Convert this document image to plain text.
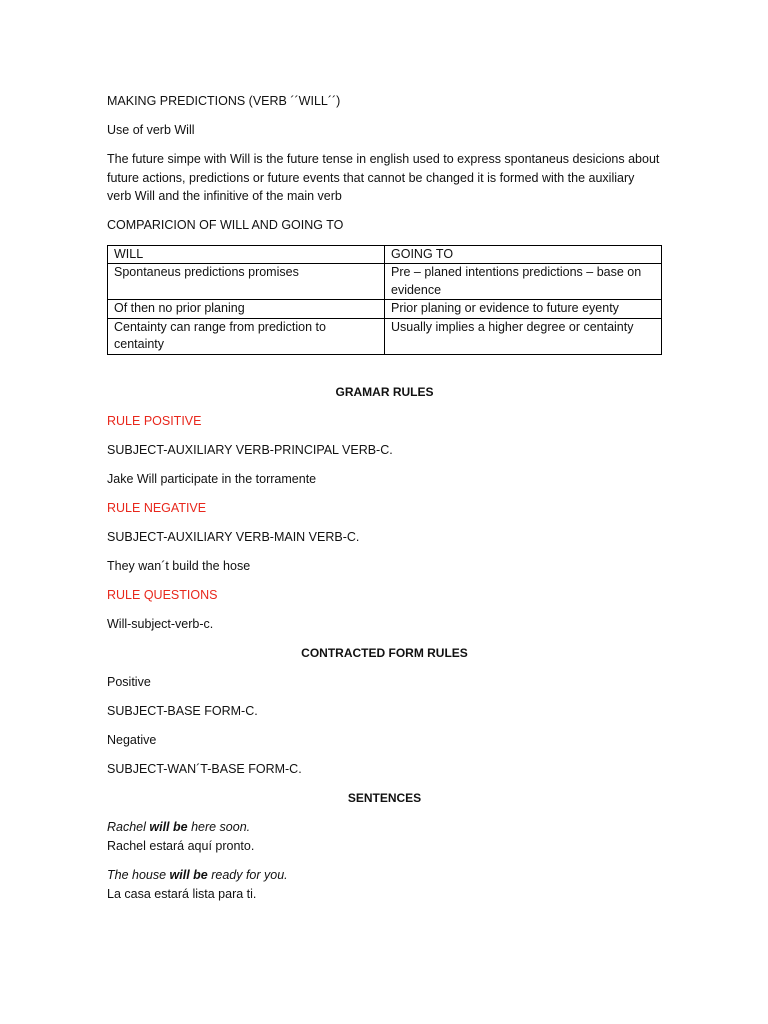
MAKING PREDICTIONS (VERB ´´WILL´´)

Use of verb Will

The future simpe with Will is the future tense in english used to express spontaneus desicions about future actions, predictions or future events that cannot be changed it is formed with the auxiliary verb Will and the infinitive of the main verb

COMPARICION OF WILL AND GOING TO

WILL	GOING TO
Spontaneus predictions promises	Pre – planed intentions predictions – base on evidence
Of then no prior planing	Prior planing or evidence to future eyenty
Centainty can range from prediction to centainty	Usually implies a higher degree or centainty

GRAMAR RULES

RULE POSITIVE

SUBJECT-AUXILIARY VERB-PRINCIPAL VERB-C.

Jake Will participate in the torramente

RULE NEGATIVE

SUBJECT-AUXILIARY VERB-MAIN VERB-C.

They wan´t build the hose

RULE QUESTIONS

Will-subject-verb-c.

CONTRACTED FORM RULES

Positive

SUBJECT-BASE FORM-C.

Negative

SUBJECT-WAN´T-BASE FORM-C.

SENTENCES

Rachel will be here soon.

Rachel estará aquí pronto.

The house will be ready for you.

La casa estará lista para ti.
